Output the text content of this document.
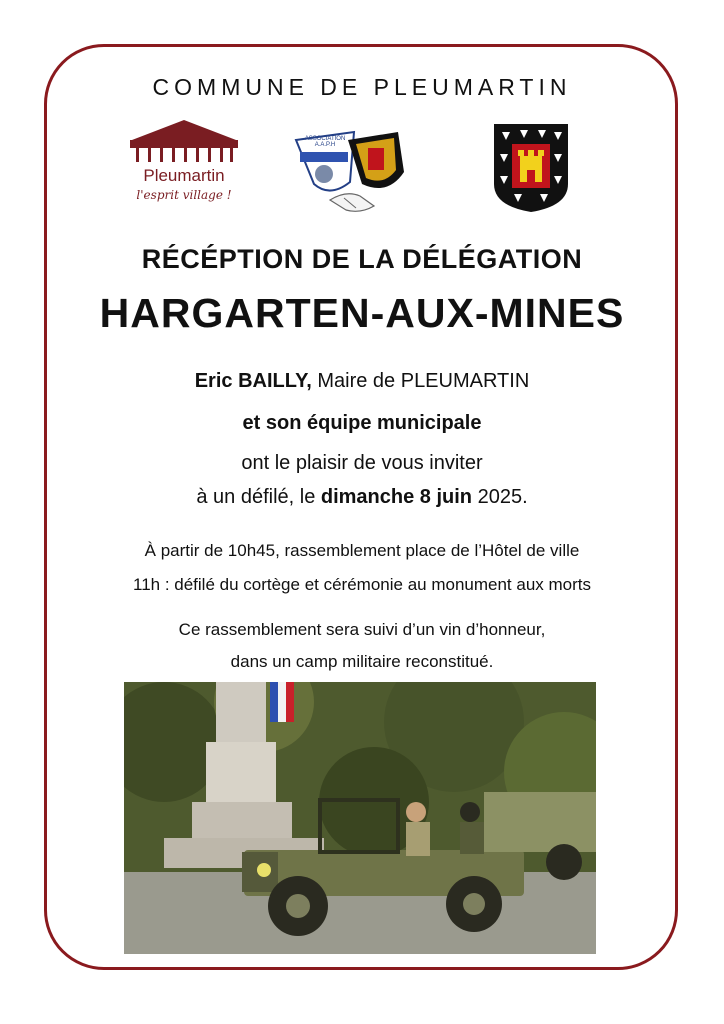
COMMUNE DE PLEUMARTIN
Pleumartin
l'esprit village !
ASSOCIATION A.A.P.H
RÉCÉPTION DE LA DÉLÉGATION
HARGARTEN-AUX-MINES
Eric BAILLY, Maire de PLEUMARTIN
et son équipe municipale
ont le plaisir de vous inviter
à un défilé, le dimanche 8 juin 2025.
À partir de 10h45, rassemblement place de l’Hôtel de ville
11h : défilé du cortège et cérémonie au monument aux morts
Ce rassemblement sera suivi d’un vin d’honneur,
dans un camp militaire reconstitué.
